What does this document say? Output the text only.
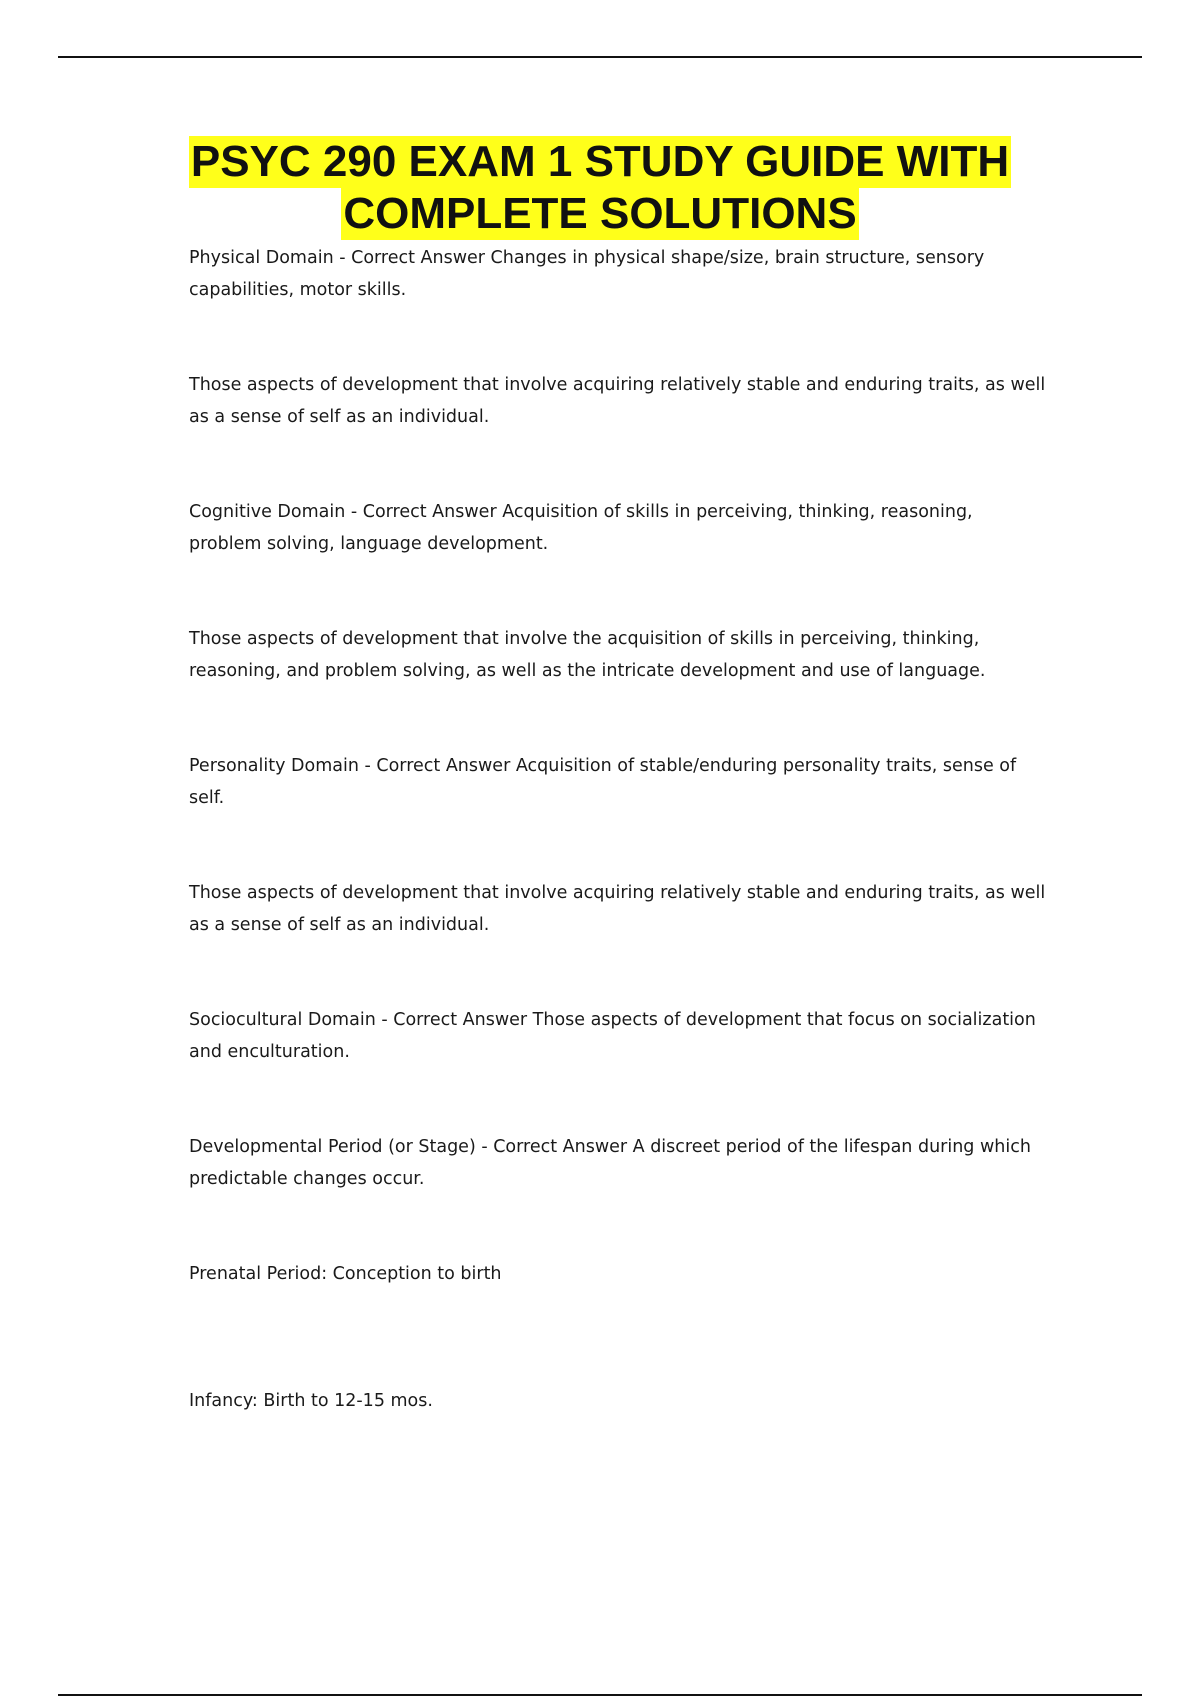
PSYC 290 EXAM 1 STUDY GUIDE WITH
COMPLETE SOLUTIONS

Physical Domain - Correct Answer Changes in physical shape/size, brain structure, sensory capabilities, motor skills.

Those aspects of development that involve acquiring relatively stable and enduring traits, as well as a sense of self as an individual.

Cognitive Domain - Correct Answer Acquisition of skills in perceiving, thinking, reasoning, problem solving, language development.

Those aspects of development that involve the acquisition of skills in perceiving, thinking, reasoning, and problem solving, as well as the intricate development and use of language.

Personality Domain - Correct Answer Acquisition of stable/enduring personality traits, sense of self.

Those aspects of development that involve acquiring relatively stable and enduring traits, as well as a sense of self as an individual.

Sociocultural Domain - Correct Answer Those aspects of development that focus on socialization and enculturation.

Developmental Period (or Stage) - Correct Answer A discreet period of the lifespan during which predictable changes occur.

Prenatal Period: Conception to birth

Infancy: Birth to 12-15 mos.
